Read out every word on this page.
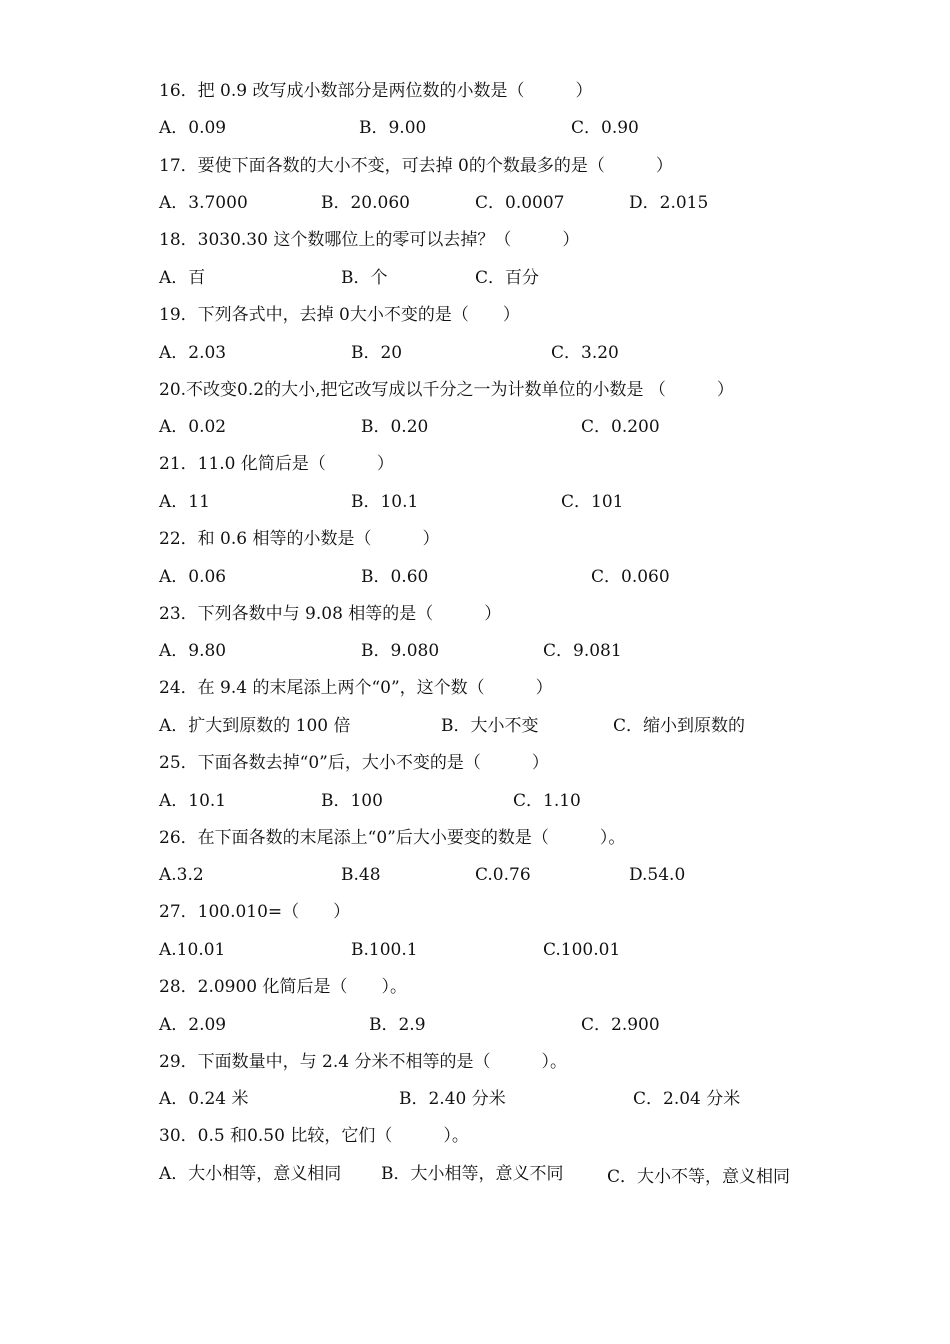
16．把 0.9 改写成小数部分是两位数的小数是（　　　）
A．0.09	B．9.00	C．0.90
17．要使下面各数的大小不变，可去掉 0的个数最多的是（　　　）
A．3.7000	B．20.060	C．0.0007	D．2.015
18．3030.30 这个数哪位上的零可以去掉？（　　　）
A．百	B．个	C．百分
19．下列各式中，去掉 0大小不变的是（　　）
A．2.03	B．20	C．3.20
20.不改变0.2的大小,把它改写成以千分之一为计数单位的小数是 （　　　）
A．0.02	B．0.20	C．0.200
21．11.0 化简后是（　　　）
A．11	B．10.1	C．101
22．和 0.6 相等的小数是（　　　）
A．0.06	B．0.60	C．0.060
23．下列各数中与 9.08 相等的是（　　　）
A．9.80	B．9.080	C．9.081
24．在 9.4 的末尾添上两个“0”，这个数（　　　）
A．扩大到原数的 100 倍	B．大小不变	C．缩小到原数的
25．下面各数去掉“0”后，大小不变的是（　　　）
A．10.1	B．100	C．1.10
26．在下面各数的末尾添上“0”后大小要变的数是（　　　）。
A.3.2	B.48	C.0.76	D.54.0
27．100.010=（　　）
A.10.01	B.100.1	C.100.01
28．2.0900 化简后是（　　）。
A．2.09	B．2.9	C．2.900
29．下面数量中，与 2.4 分米不相等的是（　　　）。
A．0.24 米	B．2.40 分米	C．2.04 分米
30．0.5 和0.50 比较，它们（　　　）。
A．大小相等，意义相同 B．大小相等，意义不同	C．大小不等，意义相同
